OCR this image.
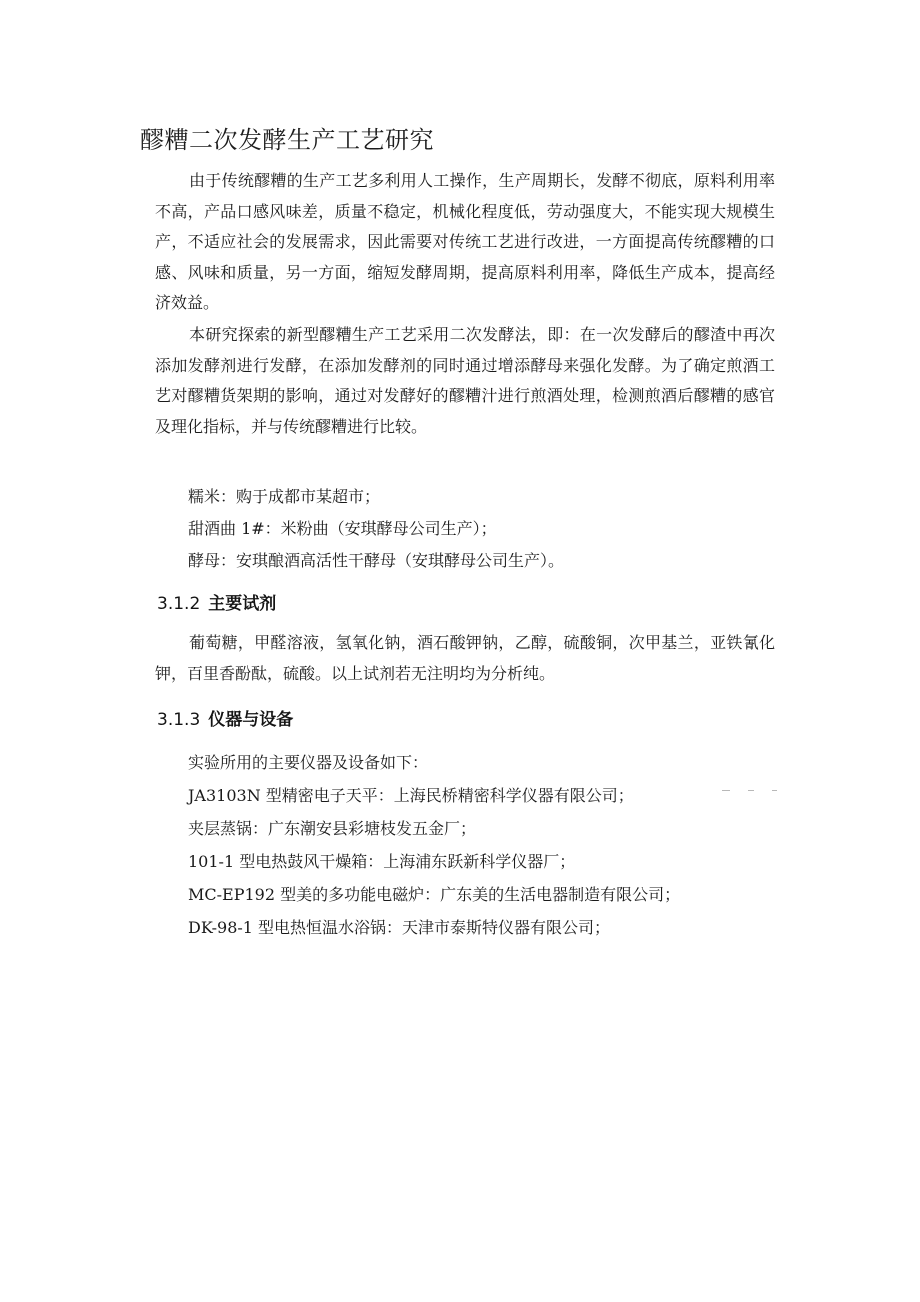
醪糟二次发酵生产工艺研究

由于传统醪糟的生产工艺多利用人工操作，生产周期长，发酵不彻底，原料利用率不高，产品口感风味差，质量不稳定，机械化程度低，劳动强度大，不能实现大规模生产，不适应社会的发展需求，因此需要对传统工艺进行改进，一方面提高传统醪糟的口感、风味和质量，另一方面，缩短发酵周期，提高原料利用率，降低生产成本，提高经济效益。

本研究探索的新型醪糟生产工艺采用二次发酵法，即：在一次发酵后的醪渣中再次添加发酵剂进行发酵，在添加发酵剂的同时通过增添酵母来强化发酵。为了确定煎酒工艺对醪糟货架期的影响，通过对发酵好的醪糟汁进行煎酒处理，检测煎酒后醪糟的感官及理化指标，并与传统醪糟进行比较。

糯米：购于成都市某超市；
甜酒曲 1#：米粉曲（安琪酵母公司生产）；
酵母：安琪酿酒高活性干酵母（安琪酵母公司生产）。
3.1.2 主要试剂

葡萄糖，甲醛溶液，氢氧化钠，酒石酸钾钠，乙醇，硫酸铜，次甲基兰，亚铁氰化钾，百里香酚酞，硫酸。以上试剂若无注明均为分析纯。

3.1.3 仪器与设备
实验所用的主要仪器及设备如下：
JA3103N 型精密电子天平：上海民桥精密科学仪器有限公司；
夹层蒸锅：广东潮安县彩塘枝发五金厂；
101-1 型电热鼓风干燥箱：上海浦东跃新科学仪器厂；
MC-EP192 型美的多功能电磁炉：广东美的生活电器制造有限公司；
DK-98-1 型电热恒温水浴锅：天津市泰斯特仪器有限公司；
